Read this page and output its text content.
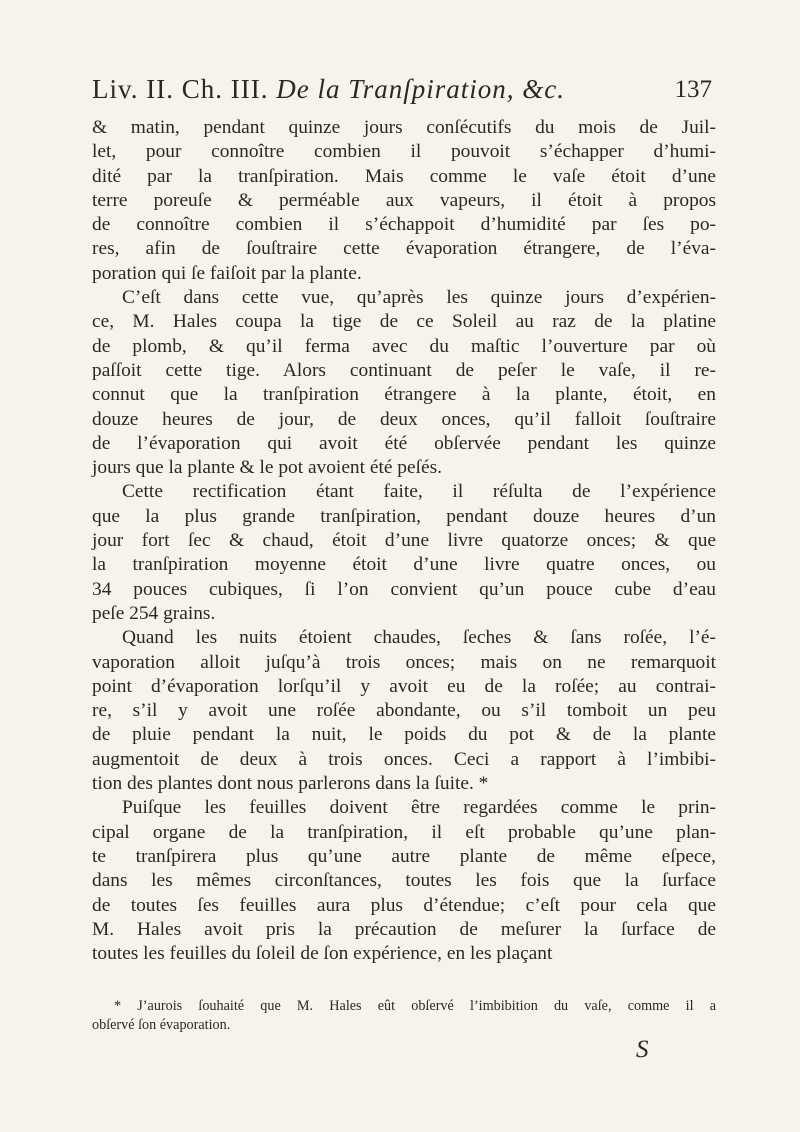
Liv. II. Ch. III. De la Tranſpiration, &c.	137
& matin, pendant quinze jours conſécutifs du mois de Juil-
let, pour connoître combien il pouvoit s’échapper d’humi-
dité par la tranſpiration. Mais comme le vaſe étoit d’une
terre poreuſe & perméable aux vapeurs, il étoit à propos
de connoître combien il s’échappoit d’humidité par ſes po-
res, afin de ſouſtraire cette évaporation étrangere, de l’éva-
poration qui ſe faiſoit par la plante.
C’eſt dans cette vue, qu’après les quinze jours d’expérien-
ce, M. Hales coupa la tige de ce Soleil au raz de la platine
de plomb, & qu’il ferma avec du maſtic l’ouverture par où
paſſoit cette tige. Alors continuant de peſer le vaſe, il re-
connut que la tranſpiration étrangere à la plante, étoit, en
douze heures de jour, de deux onces, qu’il falloit ſouſtraire
de l’évaporation qui avoit été obſervée pendant les quinze
jours que la plante & le pot avoient été peſés.
Cette rectification étant faite, il réſulta de l’expérience
que la plus grande tranſpiration, pendant douze heures d’un
jour fort ſec & chaud, étoit d’une livre quatorze onces; & que
la tranſpiration moyenne étoit d’une livre quatre onces, ou
34 pouces cubiques, ſi l’on convient qu’un pouce cube d’eau
peſe 254 grains.
Quand les nuits étoient chaudes, ſeches & ſans roſée, l’é-
vaporation alloit juſqu’à trois onces; mais on ne remarquoit
point d’évaporation lorſqu’il y avoit eu de la roſée; au contrai-
re, s’il y avoit une roſée abondante, ou s’il tomboit un peu
de pluie pendant la nuit, le poids du pot & de la plante
augmentoit de deux à trois onces. Ceci a rapport à l’imbibi-
tion des plantes dont nous parlerons dans la ſuite. *
Puiſque les feuilles doivent être regardées comme le prin-
cipal organe de la tranſpiration, il eſt probable qu’une plan-
te tranſpirera plus qu’une autre plante de même eſpece,
dans les mêmes circonſtances, toutes les fois que la ſurface
de toutes ſes feuilles aura plus d’étendue; c’eſt pour cela que
M. Hales avoit pris la précaution de meſurer la ſurface de
toutes les feuilles du ſoleil de ſon expérience, en les plaçant
* J’aurois ſouhaité que M. Hales eût obſervé l’imbibition du vaſe, comme il a
obſervé ſon évaporation.
S
